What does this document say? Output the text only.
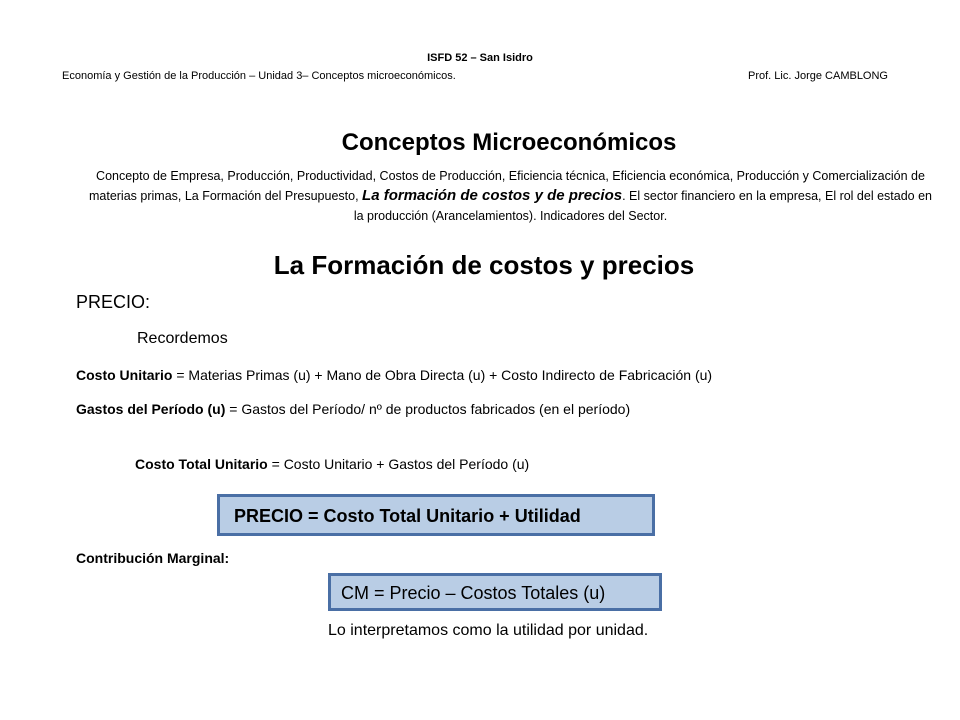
ISFD 52 – San Isidro
Economía y Gestión de la Producción – Unidad 3– Conceptos microeconómicos.	Prof. Lic. Jorge CAMBLONG
Conceptos Microeconómicos
Concepto de Empresa, Producción, Productividad, Costos de Producción, Eficiencia técnica, Eficiencia económica, Producción y Comercialización de materias primas, La Formación del Presupuesto, La formación de costos y de precios. El sector financiero en la empresa, El rol del estado en la producción (Arancelamientos). Indicadores del Sector.
La Formación de costos y precios
PRECIO:
Recordemos
Costo Unitario = Materias Primas (u) + Mano de Obra Directa (u) + Costo Indirecto de Fabricación (u)
Gastos del Período (u) = Gastos del Período/ nº de productos fabricados (en el período)
Costo Total Unitario = Costo Unitario + Gastos del Período (u)
PRECIO = Costo Total Unitario + Utilidad
Contribución Marginal:
CM = Precio – Costos Totales (u)
Lo interpretamos como la utilidad por unidad.
